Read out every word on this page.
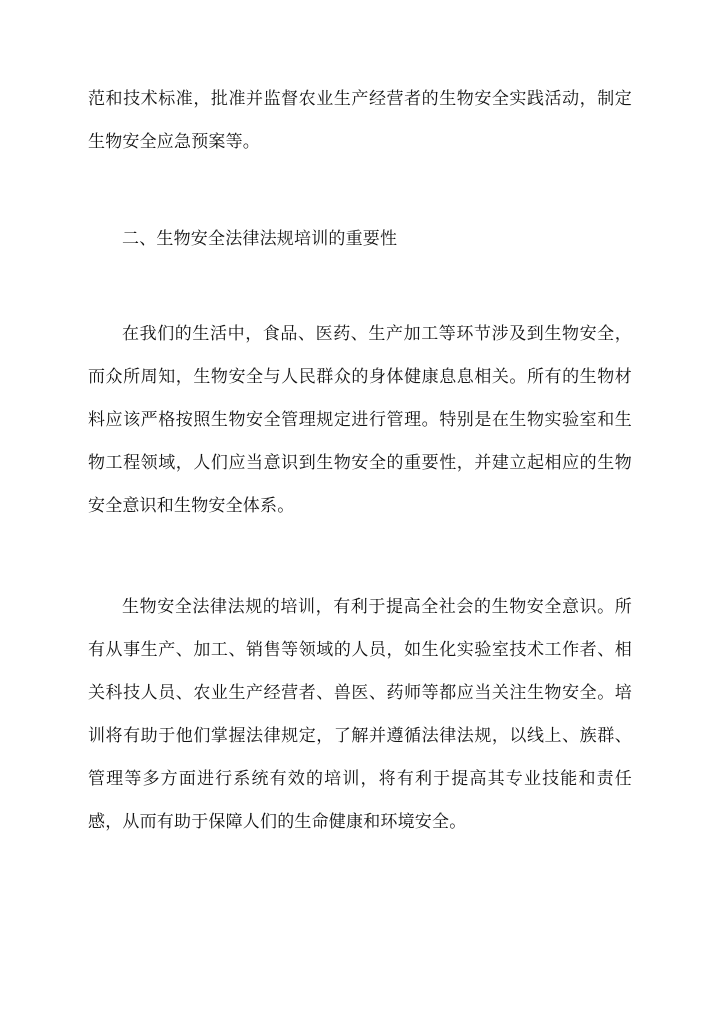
范和技术标准，批准并监督农业生产经营者的生物安全实践活动，制定生物安全应急预案等。

二、生物安全法律法规培训的重要性

在我们的生活中，食品、医药、生产加工等环节涉及到生物安全，而众所周知，生物安全与人民群众的身体健康息息相关。所有的生物材料应该严格按照生物安全管理规定进行管理。特别是在生物实验室和生物工程领域，人们应当意识到生物安全的重要性，并建立起相应的生物安全意识和生物安全体系。

生物安全法律法规的培训，有利于提高全社会的生物安全意识。所有从事生产、加工、销售等领域的人员，如生化实验室技术工作者、相关科技人员、农业生产经营者、兽医、药师等都应当关注生物安全。培训将有助于他们掌握法律规定，了解并遵循法律法规，以线上、族群、管理等多方面进行系统有效的培训，将有利于提高其专业技能和责任感，从而有助于保障人们的生命健康和环境安全。
